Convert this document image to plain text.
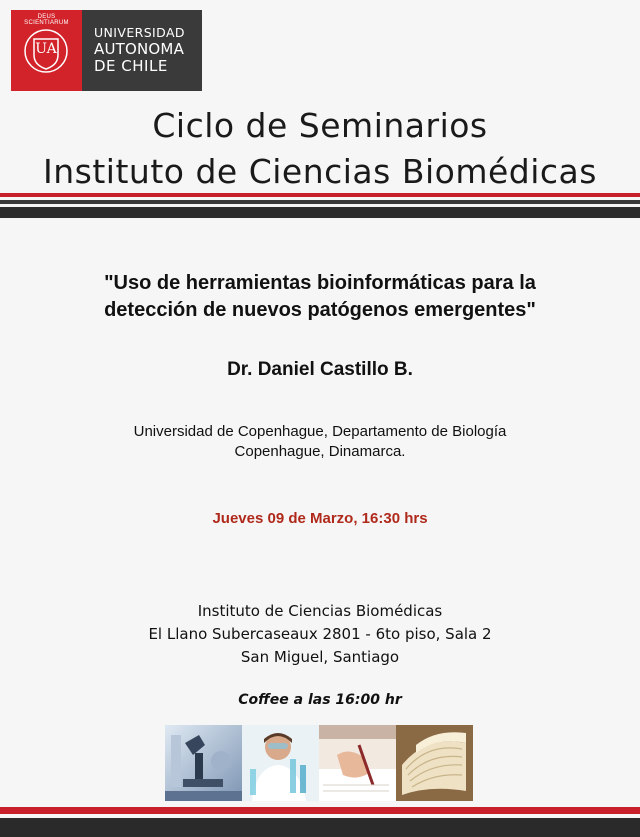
DEUS SCIENTIARUM
UA
UNIVERSIDAD
AUTONOMA
DE CHILE
Ciclo de Seminarios
Instituto de Ciencias Biomédicas
"Uso de herramientas bioinformáticas para la
detección de nuevos patógenos emergentes"
Dr. Daniel Castillo B.
Universidad de Copenhague, Departamento de Biología
Copenhague, Dinamarca.
Jueves 09 de Marzo, 16:30 hrs
Instituto de Ciencias Biomédicas
El Llano Subercaseaux 2801 - 6to piso, Sala 2
San Miguel, Santiago
Coffee a las 16:00 hr
